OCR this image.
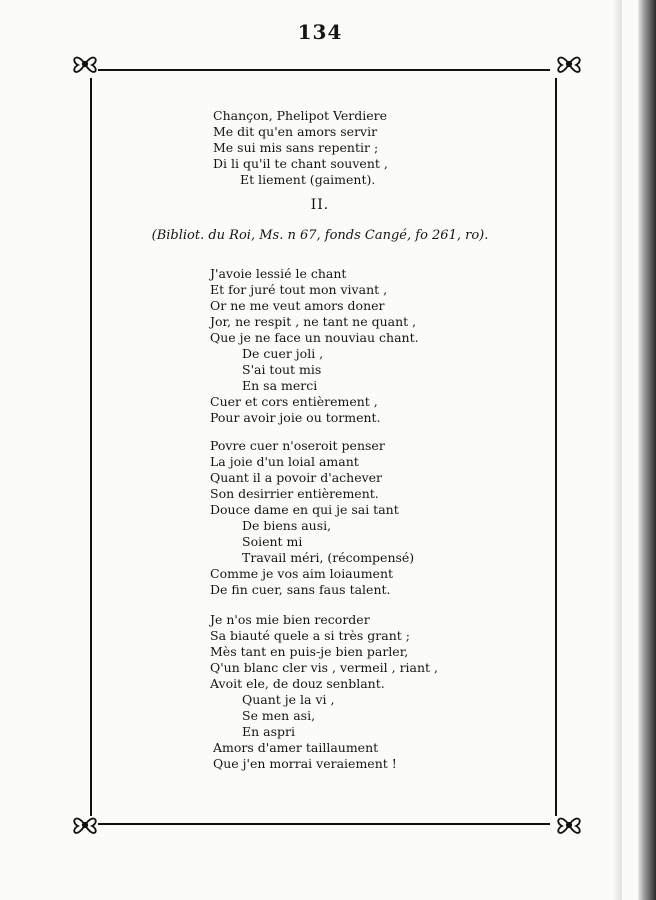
134
Chançon, Phelipot Verdiere
Me dit qu'en amors servir
Me sui mis sans repentir ;
Di li qu'il te chant souvent ,
Et liement (gaiment).
II.
(Bibliot. du Roi, Ms. n 67, fonds Cangé, fo 261, ro).
J'avoie lessié le chant
Et for juré tout mon vivant ,
Or ne me veut amors doner
Jor, ne respit , ne tant ne quant ,
Que je ne face un nouviau chant.
De cuer joli ,
S'ai tout mis
En sa merci
Cuer et cors entièrement ,
Pour avoir joie ou torment.
Povre cuer n'oseroit penser
La joie d'un loial amant
Quant il a povoir d'achever
Son desirrier entièrement.
Douce dame en qui je sai tant
De biens ausi,
Soient mi
Travail méri, (récompensé)
Comme je vos aim loiaument
De fin cuer, sans faus talent.
Je n'os mie bien recorder
Sa biauté quele a si très grant ;
Mès tant en puis-je bien parler,
Q'un blanc cler vis , vermeil , riant ,
Avoit ele, de douz senblant.
Quant je la vi ,
Se men asi,
En aspri
Amors d'amer taillaument
Que j'en morrai veraiement !
